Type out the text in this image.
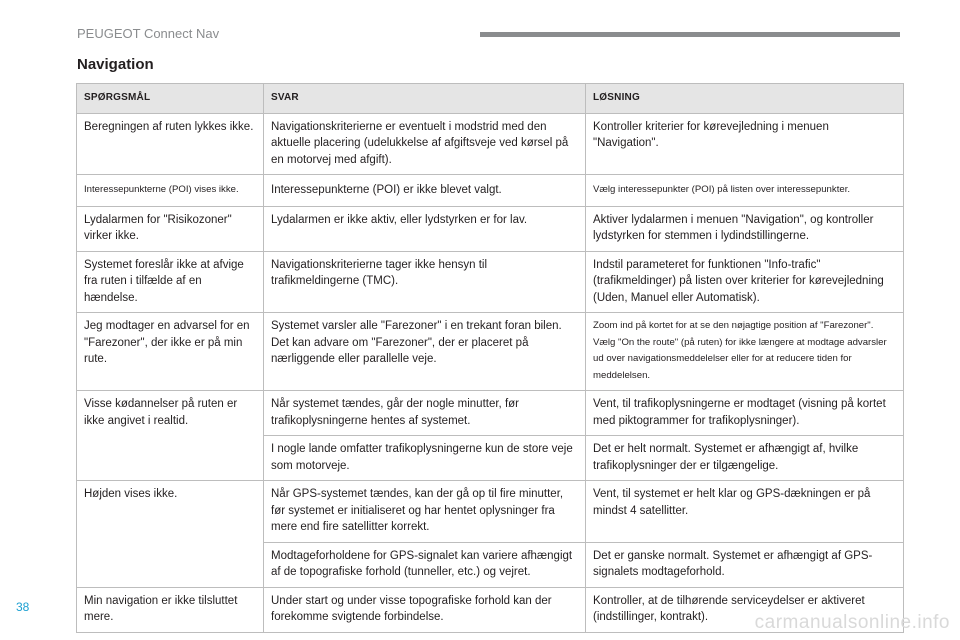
PEUGEOT Connect Nav
Navigation
SPØRGSMÅL	SVAR	LØSNING
Beregningen af ruten lykkes ikke.	Navigationskriterierne er eventuelt i modstrid med den aktuelle placering (udelukkelse af afgiftsveje ved kørsel på en motorvej med afgift).	Kontroller kriterier for kørevejledning i menuen "Navigation".
Interessepunkterne (POI) vises ikke.	Interessepunkterne (POI) er ikke blevet valgt.	Vælg interessepunkter (POI) på listen over interessepunkter.
Lydalarmen for "Risikozoner" virker ikke.	Lydalarmen er ikke aktiv, eller lydstyrken er for lav.	Aktiver lydalarmen i menuen "Navigation", og kontroller lydstyrken for stemmen i lydindstillingerne.
Systemet foreslår ikke at afvige fra ruten i tilfælde af en hændelse.	Navigationskriterierne tager ikke hensyn til trafikmeldingerne (TMC).	Indstil parameteret for funktionen "Info-trafic" (trafikmeldinger) på listen over kriterier for kørevejledning (Uden, Manuel eller Automatisk).
Jeg modtager en advarsel for en "Farezoner", der ikke er på min rute.	Systemet varsler alle "Farezoner" i en trekant foran bilen. Det kan advare om "Farezoner", der er placeret på nærliggende eller parallelle veje.	Zoom ind på kortet for at se den nøjagtige position af "Farezoner". Vælg "On the route" (på ruten) for ikke længere at modtage advarsler ud over navigationsmeddelelser eller for at reducere tiden for meddelelsen.
Visse kødannelser på ruten er ikke angivet i realtid.	Når systemet tændes, går der nogle minutter, før trafikoplysningerne hentes af systemet.	Vent, til trafikoplysningerne er modtaget (visning på kortet med piktogrammer for trafikoplysninger).
	I nogle lande omfatter trafikoplysningerne kun de store veje som motorveje.	Det er helt normalt. Systemet er afhængigt af, hvilke trafikoplysninger der er tilgængelige.
Højden vises ikke.	Når GPS-systemet tændes, kan der gå op til fire minutter, før systemet er initialiseret og har hentet oplysninger fra mere end fire satellitter korrekt.	Vent, til systemet er helt klar og GPS-dækningen er på mindst 4 satellitter.
	Modtageforholdene for GPS-signalet kan variere afhængigt af de topografiske forhold (tunneller, etc.) og vejret.	Det er ganske normalt. Systemet er afhængigt af GPS-signalets modtageforhold.
Min navigation er ikke tilsluttet mere.	Under start og under visse topografiske forhold kan der forekomme svigtende forbindelse.	Kontroller, at de tilhørende serviceydelser er aktiveret (indstillinger, kontrakt).
38
carmanualsonline.info
